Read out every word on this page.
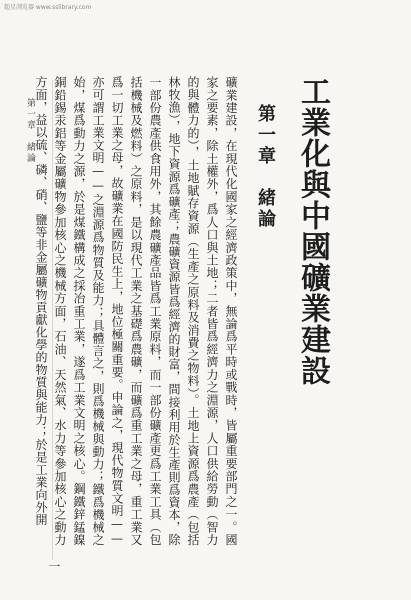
超星浏览器 www.sslibrary.com
工業化與中國礦業建設
第一章　緒論

礦業建設，在現代化國家之經濟政策中，無論爲平時或戰時，皆屬重要部門之一。國家之要素，除土權外，爲人口與土地；二者皆爲經濟力之淵源，人口供給勞動（智力的與體力的），土地賦存資源（生產之原料及消費之物料）。土地上資源爲農產（包括林牧漁），地下資源爲礦產；農礦資源皆爲經濟的財富，間接利用於生產則爲資本，除一部份農產供食用外，其餘農礦產品皆爲工業原料，而一部份礦產更爲工業工具（包括機械及燃料）之原料，是以現代工業之基礎爲農礦，而礦爲重工業之母，重工業又爲一切工業之母，故礦業在國防民生上，地位極關重要。申論之，現代物質文明——亦可謂工業文明——之淵源爲物質及能力；具體言之，則爲機械與動力；鐵爲機械之始，煤爲動力之源，於是煤鐵構成之採冶重工業，遂爲工業文明之核心。鋼鐵鋅錳鎳銅鉛錫汞鋁等金屬礦物參加核心之機械方面，石油、天然氣、水力等參加核心之動力方面，益以硫、磷、硝、鹽等非金屬礦物貢獻化學的物質與能力；於是工業向外開

第一章　緒論
一
